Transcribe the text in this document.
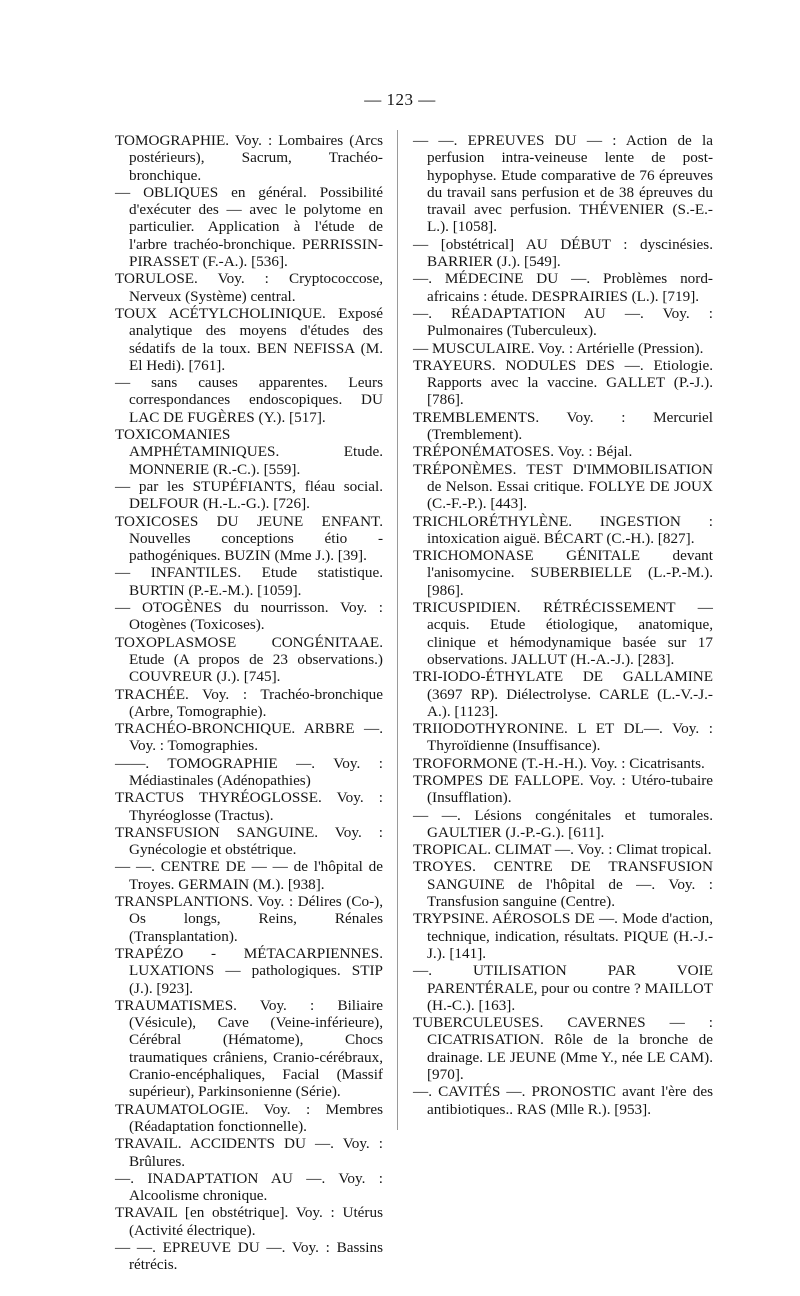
— 123 —

TOMOGRAPHIE. Voy. : Lombaires (Arcs postérieurs), Sacrum, Trachéo-bronchique.

— OBLIQUES en général. Possibilité d'exécuter des — avec le polytome en particulier. Application à l'étude de l'arbre trachéo-bronchique. PERRISSIN-PIRASSET (F.-A.). [536].

TORULOSE. Voy. : Cryptococcose, Nerveux (Système) central.

TOUX ACÉTYLCHOLINIQUE. Exposé analytique des moyens d'études des sédatifs de la toux. BEN NEFISSA (M. El Hedi). [761].

— sans causes apparentes. Leurs correspondances endoscopiques. DU LAC DE FUGÈRES (Y.). [517].

TOXICOMANIES AMPHÉTAMINIQUES. Etude. MONNERIE (R.-C.). [559].

— par les STUPÉFIANTS, fléau social. DELFOUR (H.-L.-G.). [726].

TOXICOSES DU JEUNE ENFANT. Nouvelles conceptions étio - pathogéniques. BUZIN (Mme J.). [39].

— INFANTILES. Etude statistique. BURTIN (P.-E.-M.). [1059].

— OTOGÈNES du nourrisson. Voy. : Otogènes (Toxicoses).

TOXOPLASMOSE CONGÉNITAAE. Etude (A propos de 23 observations.) COUVREUR (J.). [745].

TRACHÉE. Voy. : Trachéo-bronchique (Arbre, Tomographie).

TRACHÉO-BRONCHIQUE. ARBRE —. Voy. : Tomographies.

——. TOMOGRAPHIE —. Voy. : Médiastinales (Adénopathies)

TRACTUS THYRÉOGLOSSE. Voy. : Thyréoglosse (Tractus).

TRANSFUSION SANGUINE. Voy. : Gynécologie et obstétrique.

— —. CENTRE DE — — de l'hôpital de Troyes. GERMAIN (M.). [938].

TRANSPLANTIONS. Voy. : Délires (Co-), Os longs, Reins, Rénales (Transplantation).

TRAPÉZO - MÉTACARPIENNES. LUXATIONS — pathologiques. STIP (J.). [923].

TRAUMATISMES. Voy. : Biliaire (Vésicule), Cave (Veine-inférieure), Cérébral (Hématome), Chocs traumatiques crâniens, Cranio-cérébraux, Cranio-encéphaliques, Facial (Massif supérieur), Parkinsonienne (Série).

TRAUMATOLOGIE. Voy. : Membres (Réadaptation fonctionnelle).

TRAVAIL. ACCIDENTS DU —. Voy. : Brûlures.

—. INADAPTATION AU —. Voy. : Alcoolisme chronique.

TRAVAIL [en obstétrique]. Voy. : Utérus (Activité électrique).

— —. EPREUVE DU —. Voy. : Bassins rétrécis.

— —. EPREUVES DU — : Action de la perfusion intra-veineuse lente de post-hypophyse. Etude comparative de 76 épreuves du travail sans perfusion et de 38 épreuves du travail avec perfusion. THÉVENIER (S.-E.-L.). [1058].

— [obstétrical] AU DÉBUT : dyscinésies. BARRIER (J.). [549].

—. MÉDECINE DU —. Problèmes nord-africains : étude. DESPRAIRIES (L.). [719].

—. RÉADAPTATION AU —. Voy. : Pulmonaires (Tuberculeux).

— MUSCULAIRE. Voy. : Artérielle (Pression).

TRAYEURS. NODULES DES —. Etiologie. Rapports avec la vaccine. GALLET (P.-J.). [786].

TREMBLEMENTS. Voy. : Mercuriel (Tremblement).

TRÉPONÉMATOSES. Voy. : Béjal.

TRÉPONÈMES. TEST D'IMMOBILISATION de Nelson. Essai critique. FOLLYE DE JOUX (C.-F.-P.). [443].

TRICHLORÉTHYLÈNE. INGESTION : intoxication aiguë. BÉCART (C.-H.). [827].

TRICHOMONASE GÉNITALE devant l'anisomycine. SUBERBIELLE (L.-P.-M.). [986].

TRICUSPIDIEN. RÉTRÉCISSEMENT — acquis. Etude étiologique, anatomique, clinique et hémodynamique basée sur 17 observations. JALLUT (H.-A.-J.). [283].

TRI-IODO-ÉTHYLATE DE GALLAMINE (3697 RP). Diélectrolyse. CARLE (L.-V.-J.-A.). [1123].

TRIIODOTHYRONINE. L ET DL—. Voy. : Thyroïdienne (Insuffisance).

TROFORMONE (T.-H.-H.). Voy. : Cicatrisants.

TROMPES DE FALLOPE. Voy. : Utéro-tubaire (Insufflation).

— —. Lésions congénitales et tumorales. GAULTIER (J.-P.-G.). [611].

TROPICAL. CLIMAT —. Voy. : Climat tropical.

TROYES. CENTRE DE TRANSFUSION SANGUINE de l'hôpital de —. Voy. : Transfusion sanguine (Centre).

TRYPSINE. AÉROSOLS DE —. Mode d'action, technique, indication, résultats. PIQUE (H.-J.-J.). [141].

—. UTILISATION PAR VOIE PARENTÉRALE, pour ou contre ? MAILLOT (H.-C.). [163].

TUBERCULEUSES. CAVERNES — : CICATRISATION. Rôle de la bronche de drainage. LE JEUNE (Mme Y., née LE CAM). [970].

—. CAVITÉS —. PRONOSTIC avant l'ère des antibiotiques.. RAS (Mlle R.). [953].
